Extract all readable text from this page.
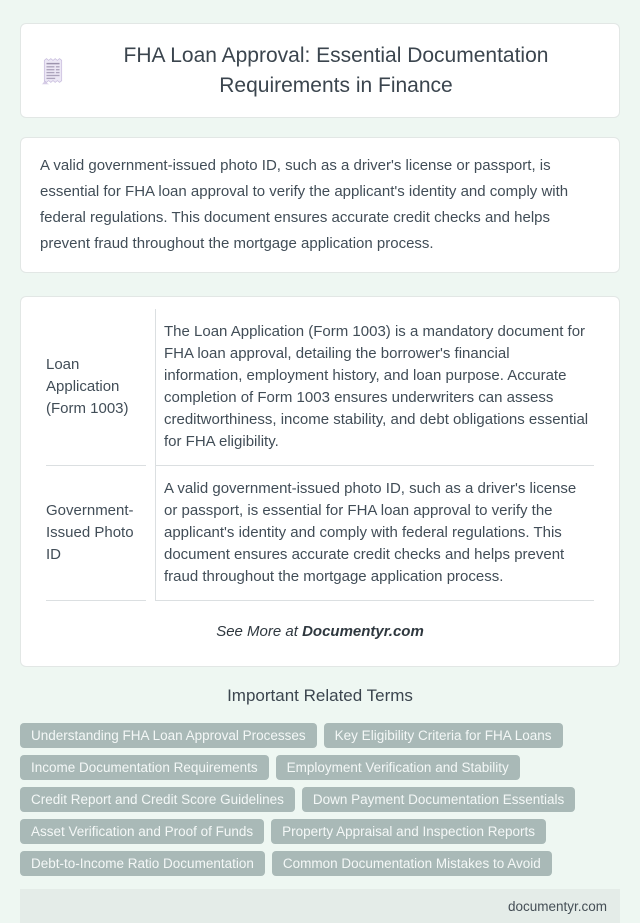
FHA Loan Approval: Essential Documentation Requirements in Finance

A valid government-issued photo ID, such as a driver's license or passport, is essential for FHA loan approval to verify the applicant's identity and comply with federal regulations. This document ensures accurate credit checks and helps prevent fraud throughout the mortgage application process.

Loan Application (Form 1003)	The Loan Application (Form 1003) is a mandatory document for FHA loan approval, detailing the borrower's financial information, employment history, and loan purpose. Accurate completion of Form 1003 ensures underwriters can assess creditworthiness, income stability, and debt obligations essential for FHA eligibility.
Government-Issued Photo ID	A valid government-issued photo ID, such as a driver's license or passport, is essential for FHA loan approval to verify the applicant's identity and comply with federal regulations. This document ensures accurate credit checks and helps prevent fraud throughout the mortgage application process.
See More at Documentyr.com
Important Related Terms
Understanding FHA Loan Approval Processes	Key Eligibility Criteria for FHA Loans
Income Documentation Requirements	Employment Verification and Stability
Credit Report and Credit Score Guidelines	Down Payment Documentation Essentials
Asset Verification and Proof of Funds	Property Appraisal and Inspection Reports
Debt-to-Income Ratio Documentation	Common Documentation Mistakes to Avoid
documentyr.com
